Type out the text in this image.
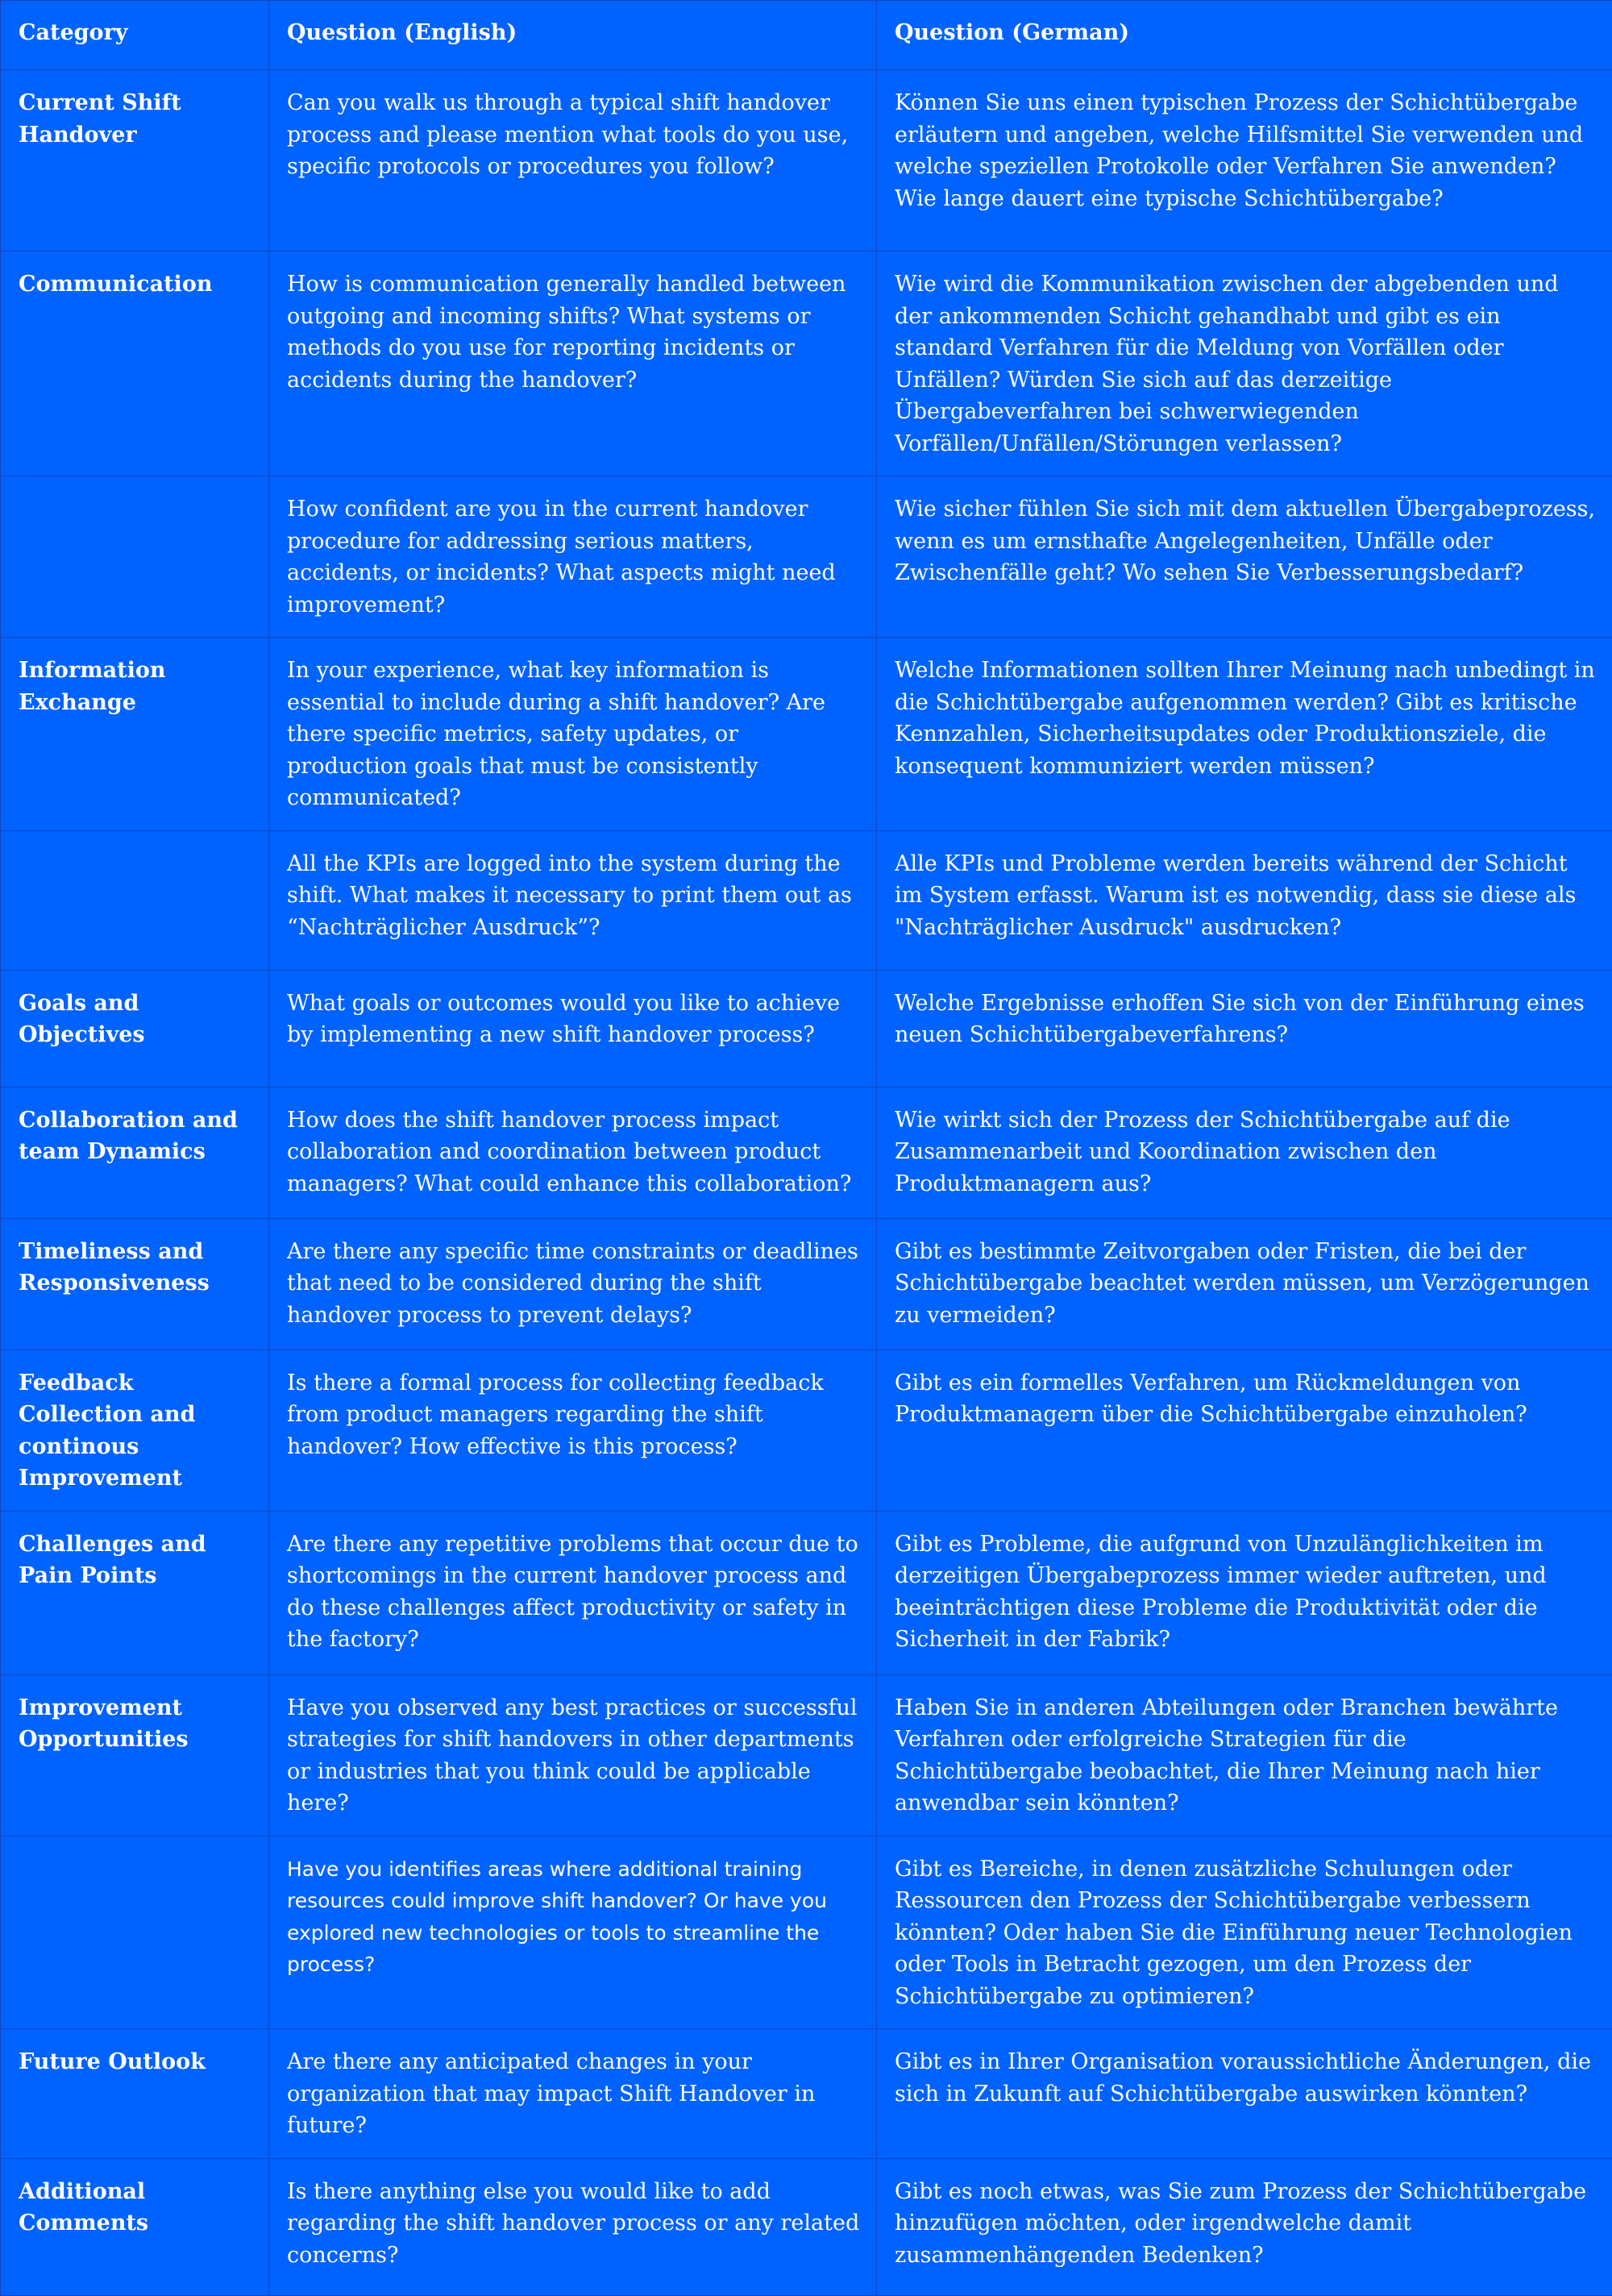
Category	Question (English)	Question (German)
Current Shift Handover	Can you walk us through a typical shift handover process and please mention what tools do you use, specific protocols or procedures you follow?	Können Sie uns einen typischen Prozess der Schichtübergabe erläutern und angeben, welche Hilfsmittel Sie verwenden und welche speziellen Protokolle oder Verfahren Sie anwenden? Wie lange dauert eine typische Schichtübergabe?
Communication	How is communication generally handled between outgoing and incoming shifts? What systems or methods do you use for reporting incidents or accidents during the handover?	Wie wird die Kommunikation zwischen der abgebenden und der ankommenden Schicht gehandhabt und gibt es ein standard Verfahren für die Meldung von Vorfällen oder Unfällen? Würden Sie sich auf das derzeitige Übergabeverfahren bei schwerwiegenden Vorfällen/Unfällen/Störungen verlassen?
	How confident are you in the current handover procedure for addressing serious matters, accidents, or incidents? What aspects might need improvement?	Wie sicher fühlen Sie sich mit dem aktuellen Übergabeprozess, wenn es um ernsthafte Angelegenheiten, Unfälle oder Zwischenfälle geht? Wo sehen Sie Verbesserungsbedarf?
Information Exchange	In your experience, what key information is essential to include during a shift handover? Are there specific metrics, safety updates, or production goals that must be consistently communicated?	Welche Informationen sollten Ihrer Meinung nach unbedingt in die Schichtübergabe aufgenommen werden? Gibt es kritische Kennzahlen, Sicherheitsupdates oder Produktionsziele, die konsequent kommuniziert werden müssen?
	All the KPIs are logged into the system during the shift. What makes it necessary to print them out as “Nachträglicher Ausdruck”?	Alle KPIs und Probleme werden bereits während der Schicht im System erfasst. Warum ist es notwendig, dass sie diese als "Nachträglicher Ausdruck" ausdrucken?
Goals and Objectives	What goals or outcomes would you like to achieve by implementing a new shift handover process?	Welche Ergebnisse erhoffen Sie sich von der Einführung eines neuen Schichtübergabeverfahrens?
Collaboration and team Dynamics	How does the shift handover process impact collaboration and coordination between product managers? What could enhance this collaboration?	Wie wirkt sich der Prozess der Schichtübergabe auf die Zusammenarbeit und Koordination zwischen den Produktmanagern aus?
Timeliness and Responsiveness	Are there any specific time constraints or deadlines that need to be considered during the shift handover process to prevent delays?	Gibt es bestimmte Zeitvorgaben oder Fristen, die bei der Schichtübergabe beachtet werden müssen, um Verzögerungen zu vermeiden?
Feedback Collection and continous Improvement	Is there a formal process for collecting feedback from product managers regarding the shift handover? How effective is this process?	Gibt es ein formelles Verfahren, um Rückmeldungen von Produktmanagern über die Schichtübergabe einzuholen?
Challenges and Pain Points	Are there any repetitive problems that occur due to shortcomings in the current handover process and do these challenges affect productivity or safety in the factory?	Gibt es Probleme, die aufgrund von Unzulänglichkeiten im derzeitigen Übergabeprozess immer wieder auftreten, und beeinträchtigen diese Probleme die Produktivität oder die Sicherheit in der Fabrik?
Improvement Opportunities	Have you observed any best practices or successful strategies for shift handovers in other departments or industries that you think could be applicable here?	Haben Sie in anderen Abteilungen oder Branchen bewährte Verfahren oder erfolgreiche Strategien für die Schichtübergabe beobachtet, die Ihrer Meinung nach hier anwendbar sein könnten?
	Have you identifies areas where additional training resources could improve shift handover? Or have you explored new technologies or tools to streamline the process?	Gibt es Bereiche, in denen zusätzliche Schulungen oder Ressourcen den Prozess der Schichtübergabe verbessern könnten? Oder haben Sie die Einführung neuer Technologien oder Tools in Betracht gezogen, um den Prozess der Schichtübergabe zu optimieren?
Future Outlook	Are there any anticipated changes in your organization that may impact Shift Handover in future?	Gibt es in Ihrer Organisation voraussichtliche Änderungen, die sich in Zukunft auf Schichtübergabe auswirken könnten?
Additional Comments	Is there anything else you would like to add regarding the shift handover process or any related concerns?	Gibt es noch etwas, was Sie zum Prozess der Schichtübergabe hinzufügen möchten, oder irgendwelche damit zusammenhängenden Bedenken?
